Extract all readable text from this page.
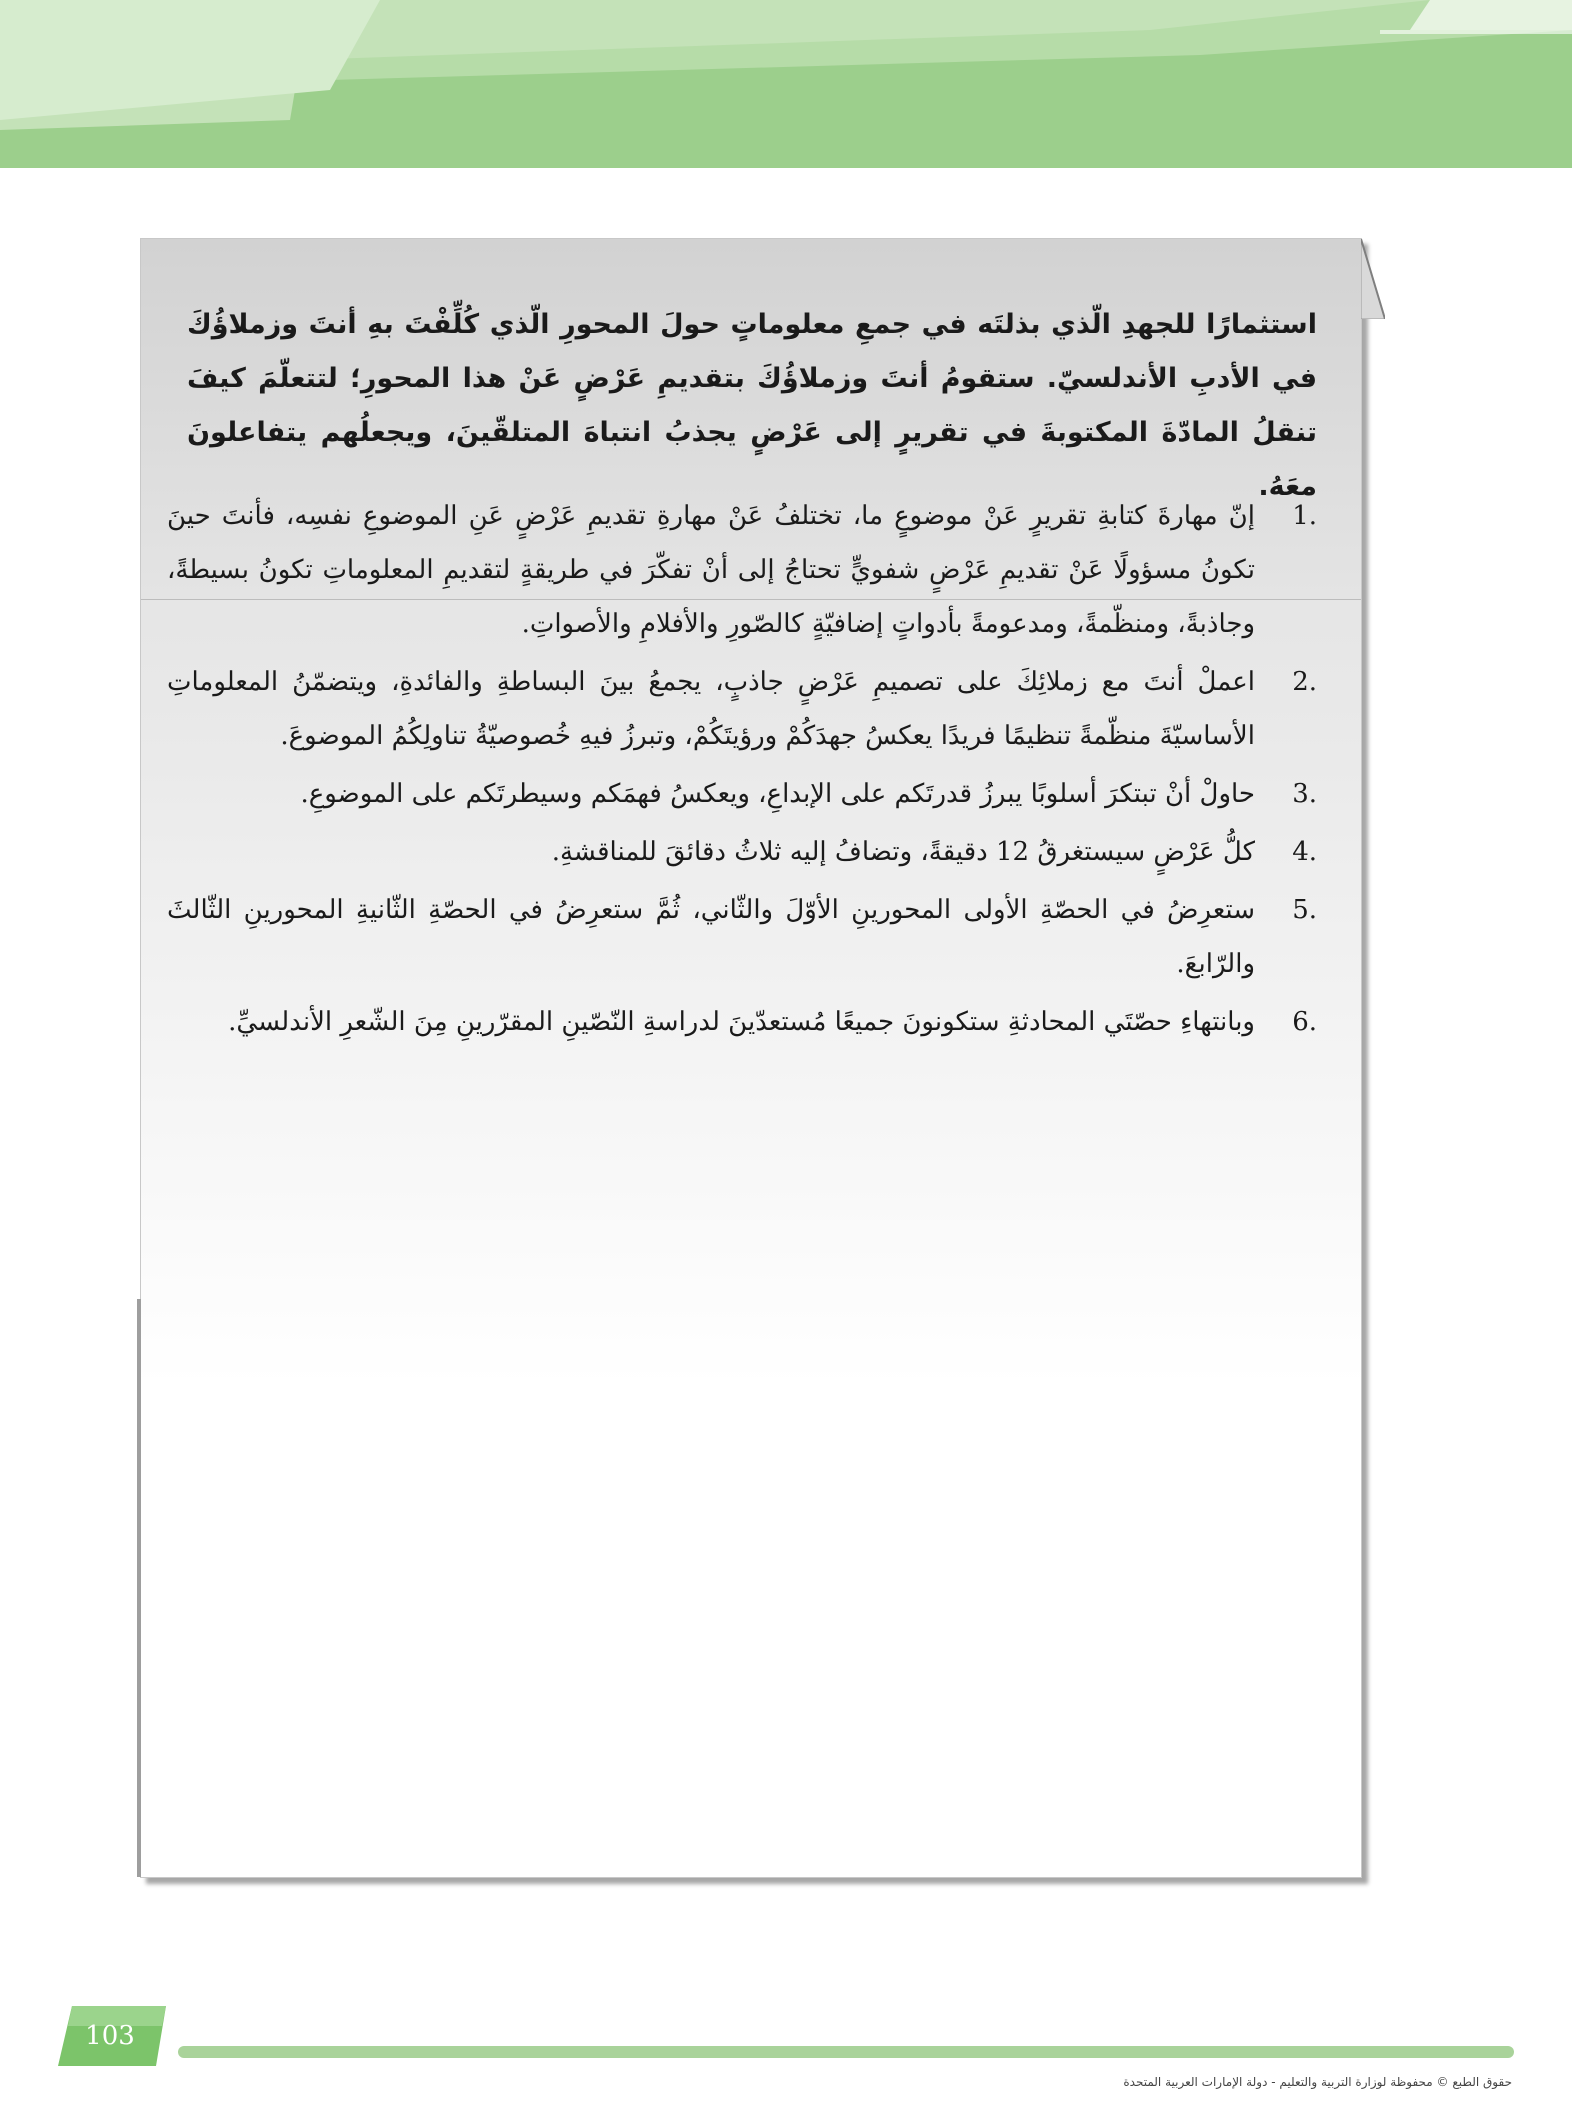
استثمارًا للجهدِ الّذي بذلتَه في جمعِ معلوماتٍ حولَ المحورِ الّذي كُلِّفْتَ بهِ أنتَ وزملاؤُكَ في الأدبِ الأندلسيّ. ستقومُ أنتَ وزملاؤُكَ بتقديمِ عَرْضٍ عَنْ هذا المحورِ؛ لتتعلّمَ كيفَ تنقلُ المادّةَ المكتوبةَ في تقريرٍ إلى عَرْضٍ يجذبُ انتباهَ المتلقّينَ، ويجعلُهم يتفاعلونَ معَهُ.

1.
إنّ مهارةَ كتابةِ تقريرٍ عَنْ موضوعٍ ما، تختلفُ عَنْ مهارةِ تقديمِ عَرْضٍ عَنِ الموضوعِ نفسِه، فأنتَ حينَ تكونُ مسؤولًا عَنْ تقديمِ عَرْضٍ شفويٍّ تحتاجُ إلى أنْ تفكّرَ في طريقةٍ لتقديمِ المعلوماتِ تكونُ بسيطةً، وجاذبةً، ومنظّمةً، ومدعومةً بأدواتٍ إضافيّةٍ كالصّورِ والأفلامِ والأصواتِ.
2.
اعملْ أنتَ مع زملائِكَ على تصميمِ عَرْضٍ جاذبٍ، يجمعُ بينَ البساطةِ والفائدةِ، ويتضمّنُ المعلوماتِ الأساسيّةَ منظّمةً تنظيمًا فريدًا يعكسُ جهدَكُمْ ورؤيتَكُمْ، وتبرزُ فيهِ خُصوصيّةُ تناولِكُمُ الموضوعَ.
3.
حاولْ أنْ تبتكرَ أسلوبًا يبرزُ قدرتَكم على الإبداعِ، ويعكسُ فهمَكم وسيطرتَكم على الموضوعِ.
4.
كلُّ عَرْضٍ سيستغرقُ 12 دقيقةً، وتضافُ إليه ثلاثُ دقائقَ للمناقشةِ.
5.
ستعرِضُ في الحصّةِ الأولى المحورينِ الأوّلَ والثّاني، ثُمَّ ستعرِضُ في الحصّةِ الثّانيةِ المحورينِ الثّالثَ والرّابعَ.
6.
وبانتهاءِ حصّتَي المحادثةِ ستكونونَ جميعًا مُستعدّينَ لدراسةِ النّصّينِ المقرّرينِ مِنَ الشّعرِ الأندلسيِّ.
103
حقوق الطبع © محفوظة لوزارة التربية والتعليم - دولة الإمارات العربية المتحدة
